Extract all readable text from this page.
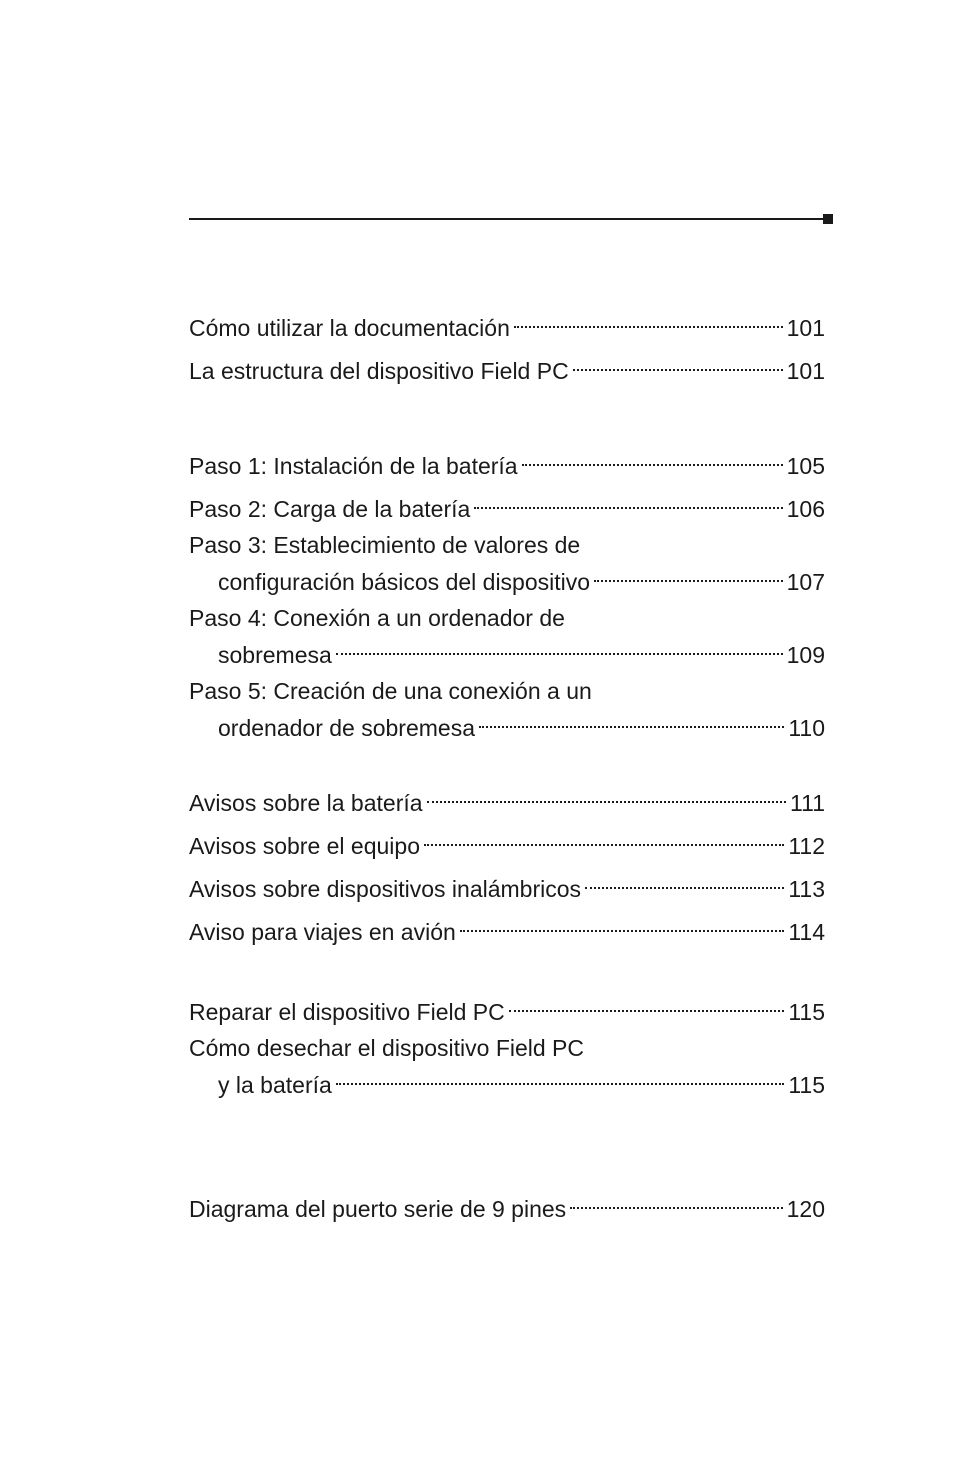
Cómo utilizar la documentación	101
La estructura del dispositivo Field PC	101
Paso 1: Instalación de la batería	105
Paso 2: Carga de la batería	106
Paso 3: Establecimiento de valores de
configuración básicos del dispositivo	107
Paso 4: Conexión a un ordenador de
sobremesa	109
Paso 5: Creación de una conexión a un
ordenador de sobremesa	110
Avisos sobre la batería	111
Avisos sobre el equipo	112
Avisos sobre dispositivos inalámbricos	113
Aviso para viajes en avión	114
Reparar el dispositivo Field PC	115
Cómo desechar el dispositivo Field PC
y la batería	115
Diagrama del puerto serie de 9 pines	120
